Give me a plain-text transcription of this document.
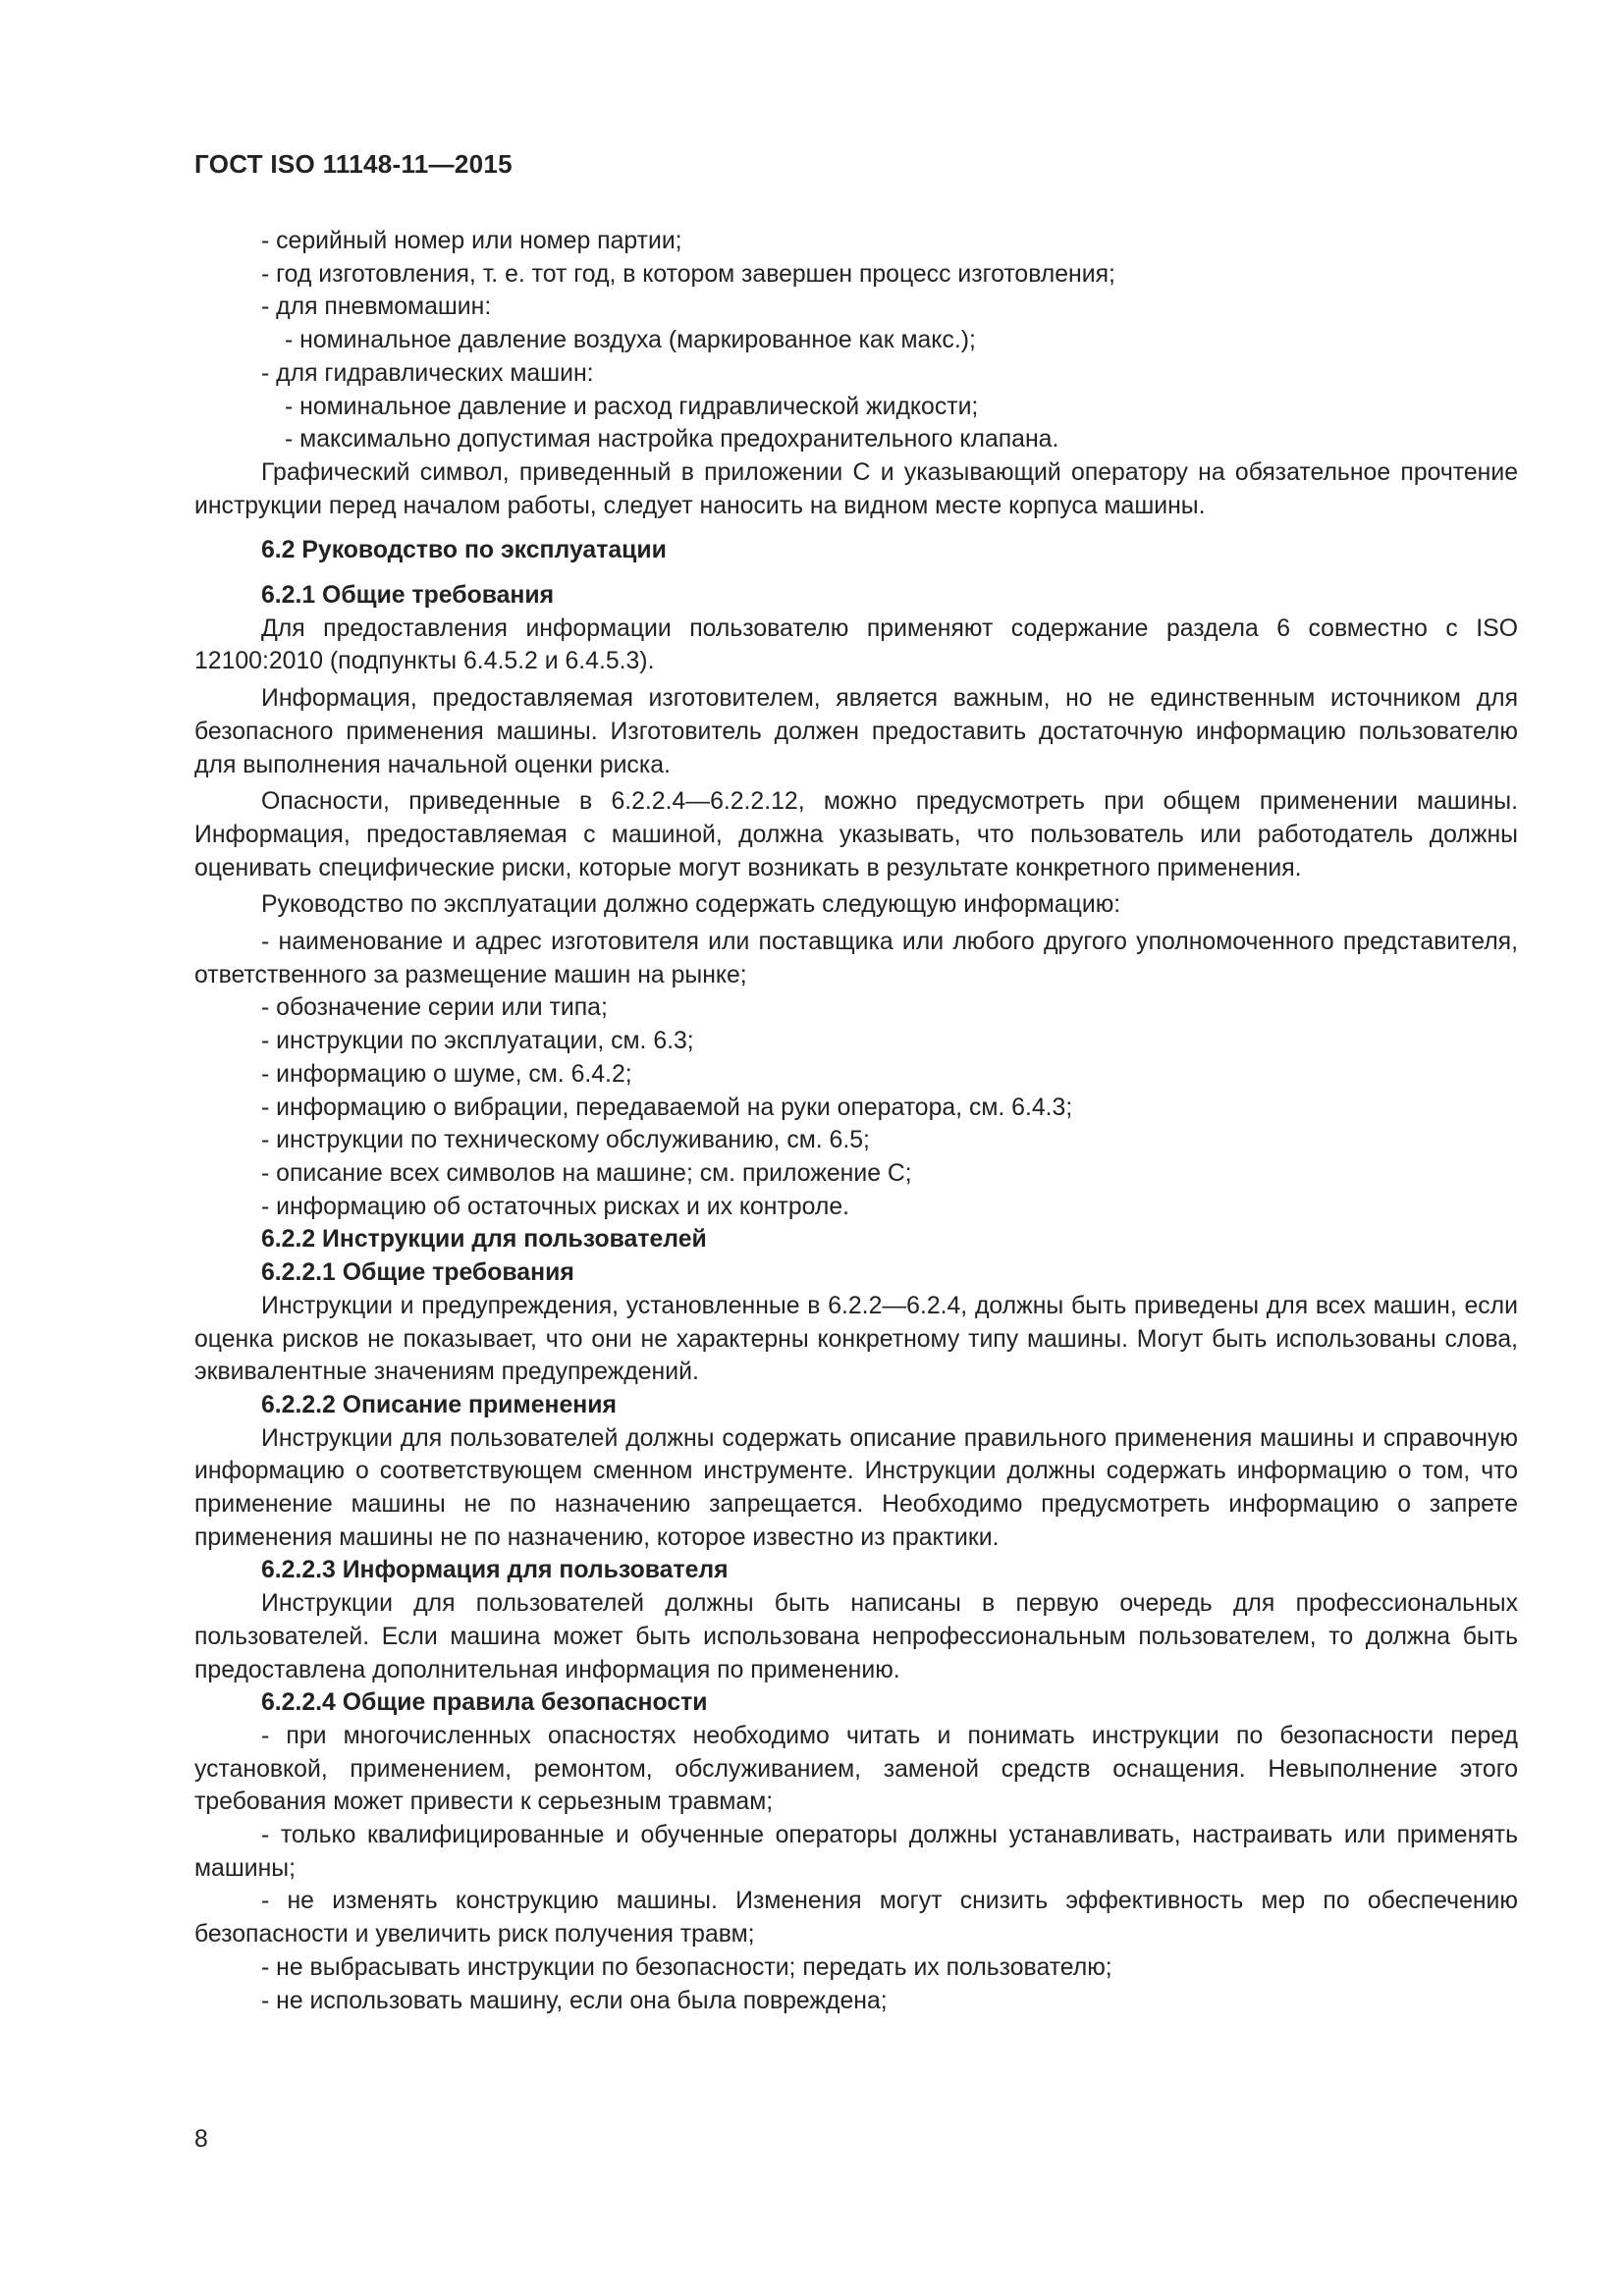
ГОСТ ISO 11148-11—2015

- серийный номер или номер партии;

- год изготовления, т. е. тот год, в котором завершен процесс изготовления;

- для пневмомашин:

- номинальное давление воздуха (маркированное как макс.);

- для гидравлических машин:

- номинальное давление и расход гидравлической жидкости;

- максимально допустимая настройка предохранительного клапана.

Графический символ, приведенный в приложении С и указывающий оператору на обязательное прочтение инструкции перед началом работы, следует наносить на видном месте корпуса машины.

6.2 Руководство по эксплуатации

6.2.1 Общие требования

Для предоставления информации пользователю применяют содержание раздела 6 совместно с ISO 12100:2010 (подпункты 6.4.5.2 и 6.4.5.3).

Информация, предоставляемая изготовителем, является важным, но не единственным источником для безопасного применения машины. Изготовитель должен предоставить достаточную информацию пользователю для выполнения начальной оценки риска.

Опасности, приведенные в 6.2.2.4—6.2.2.12, можно предусмотреть при общем применении машины. Информация, предоставляемая с машиной, должна указывать, что пользователь или работодатель должны оценивать специфические риски, которые могут возникать в результате конкретного применения.

Руководство по эксплуатации должно содержать следующую информацию:

- наименование и адрес изготовителя или поставщика или любого другого уполномоченного представителя, ответственного за размещение машин на рынке;

- обозначение серии или типа;

- инструкции по эксплуатации, см. 6.3;

- информацию о шуме, см. 6.4.2;

- информацию о вибрации, передаваемой на руки оператора, см. 6.4.3;

- инструкции по техническому обслуживанию, см. 6.5;

- описание всех символов на машине; см. приложение С;

- информацию об остаточных рисках и их контроле.

6.2.2 Инструкции для пользователей

6.2.2.1 Общие требования

Инструкции и предупреждения, установленные в 6.2.2—6.2.4, должны быть приведены для всех машин, если оценка рисков не показывает, что они не характерны конкретному типу машины. Могут быть использованы слова, эквивалентные значениям предупреждений.

6.2.2.2 Описание применения

Инструкции для пользователей должны содержать описание правильного применения машины и справочную информацию о соответствующем сменном инструменте. Инструкции должны содержать информацию о том, что применение машины не по назначению запрещается. Необходимо предусмотреть информацию о запрете применения машины не по назначению, которое известно из практики.

6.2.2.3 Информация для пользователя

Инструкции для пользователей должны быть написаны в первую очередь для профессиональных пользователей. Если машина может быть использована непрофессиональным пользователем, то должна быть предоставлена дополнительная информация по применению.

6.2.2.4 Общие правила безопасности

- при многочисленных опасностях необходимо читать и понимать инструкции по безопасности перед установкой, применением, ремонтом, обслуживанием, заменой средств оснащения. Невыполнение этого требования может привести к серьезным травмам;

- только квалифицированные и обученные операторы должны устанавливать, настраивать или применять машины;

- не изменять конструкцию машины. Изменения могут снизить эффективность мер по обеспечению безопасности и увеличить риск получения травм;

- не выбрасывать инструкции по безопасности; передать их пользователю;

- не использовать машину, если она была повреждена;

8
